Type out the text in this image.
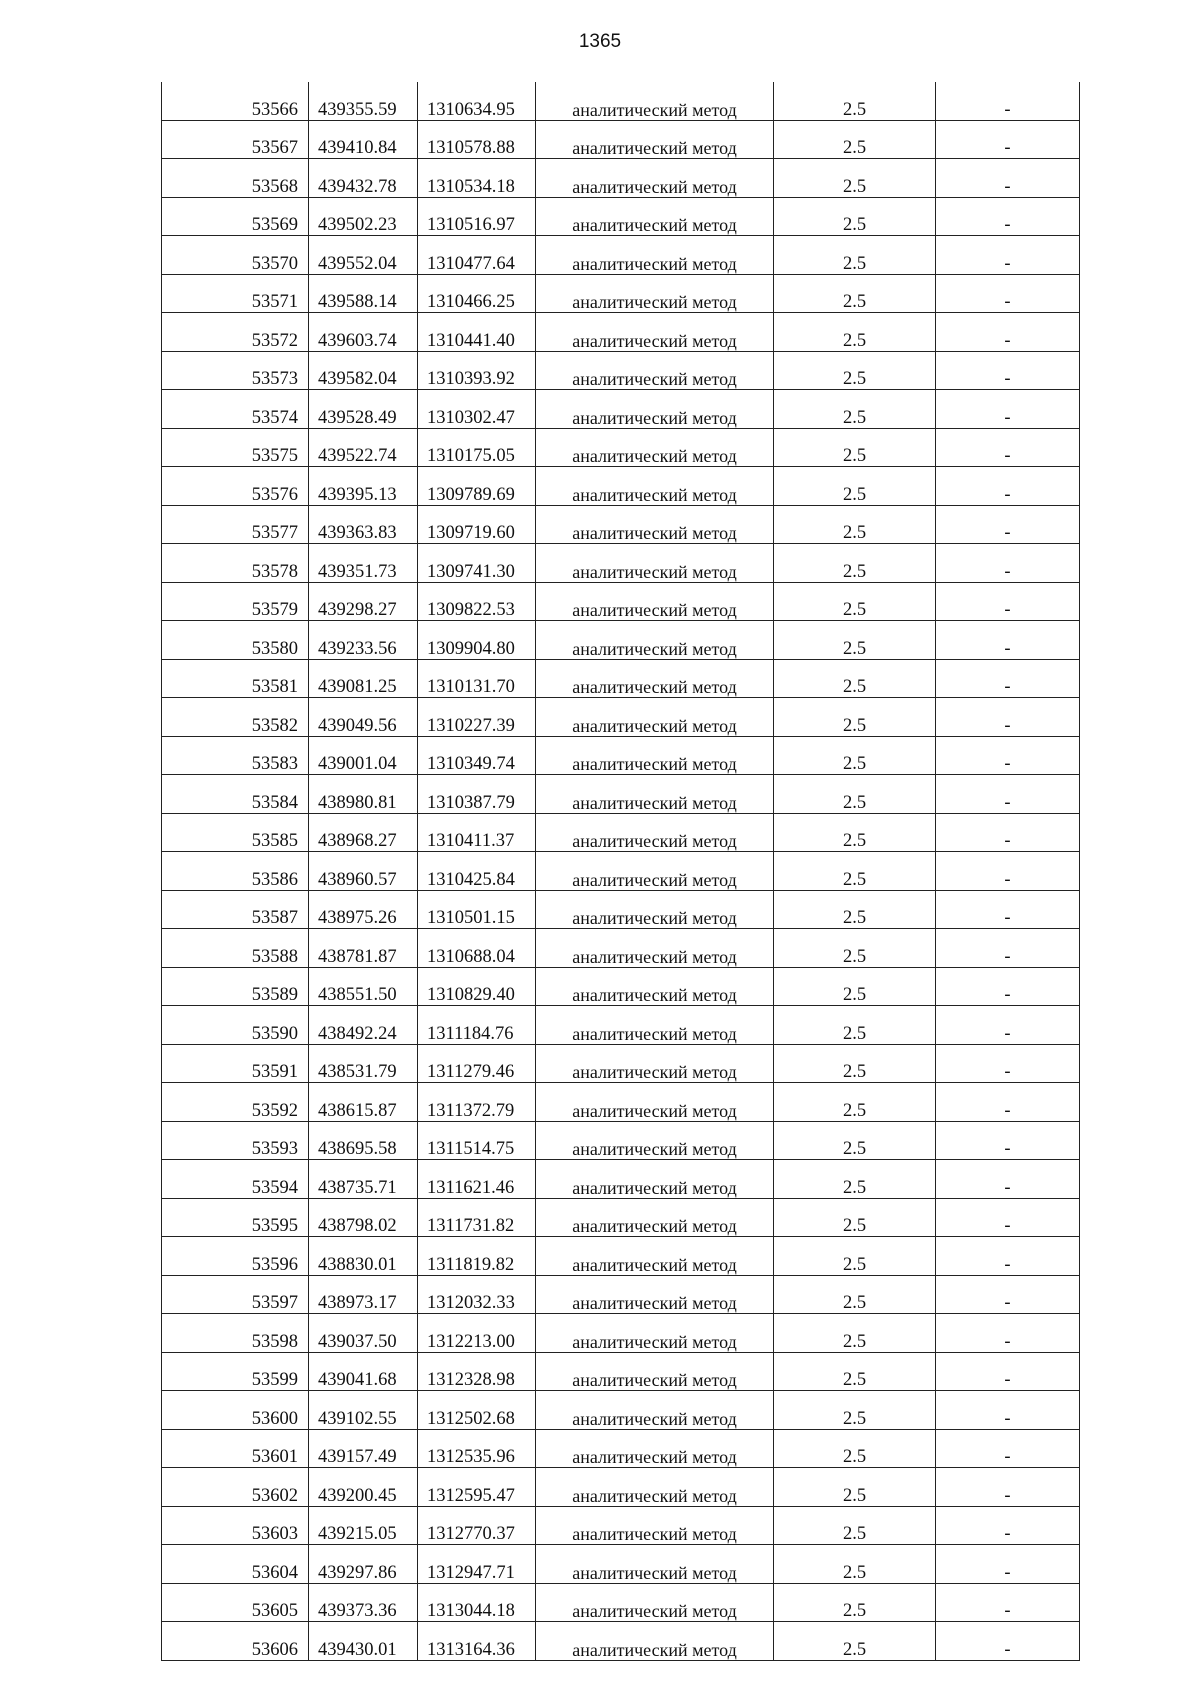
1365
53566	439355.59	1310634.95	аналитический метод	2.5	-
53567	439410.84	1310578.88	аналитический метод	2.5	-
53568	439432.78	1310534.18	аналитический метод	2.5	-
53569	439502.23	1310516.97	аналитический метод	2.5	-
53570	439552.04	1310477.64	аналитический метод	2.5	-
53571	439588.14	1310466.25	аналитический метод	2.5	-
53572	439603.74	1310441.40	аналитический метод	2.5	-
53573	439582.04	1310393.92	аналитический метод	2.5	-
53574	439528.49	1310302.47	аналитический метод	2.5	-
53575	439522.74	1310175.05	аналитический метод	2.5	-
53576	439395.13	1309789.69	аналитический метод	2.5	-
53577	439363.83	1309719.60	аналитический метод	2.5	-
53578	439351.73	1309741.30	аналитический метод	2.5	-
53579	439298.27	1309822.53	аналитический метод	2.5	-
53580	439233.56	1309904.80	аналитический метод	2.5	-
53581	439081.25	1310131.70	аналитический метод	2.5	-
53582	439049.56	1310227.39	аналитический метод	2.5	-
53583	439001.04	1310349.74	аналитический метод	2.5	-
53584	438980.81	1310387.79	аналитический метод	2.5	-
53585	438968.27	1310411.37	аналитический метод	2.5	-
53586	438960.57	1310425.84	аналитический метод	2.5	-
53587	438975.26	1310501.15	аналитический метод	2.5	-
53588	438781.87	1310688.04	аналитический метод	2.5	-
53589	438551.50	1310829.40	аналитический метод	2.5	-
53590	438492.24	1311184.76	аналитический метод	2.5	-
53591	438531.79	1311279.46	аналитический метод	2.5	-
53592	438615.87	1311372.79	аналитический метод	2.5	-
53593	438695.58	1311514.75	аналитический метод	2.5	-
53594	438735.71	1311621.46	аналитический метод	2.5	-
53595	438798.02	1311731.82	аналитический метод	2.5	-
53596	438830.01	1311819.82	аналитический метод	2.5	-
53597	438973.17	1312032.33	аналитический метод	2.5	-
53598	439037.50	1312213.00	аналитический метод	2.5	-
53599	439041.68	1312328.98	аналитический метод	2.5	-
53600	439102.55	1312502.68	аналитический метод	2.5	-
53601	439157.49	1312535.96	аналитический метод	2.5	-
53602	439200.45	1312595.47	аналитический метод	2.5	-
53603	439215.05	1312770.37	аналитический метод	2.5	-
53604	439297.86	1312947.71	аналитический метод	2.5	-
53605	439373.36	1313044.18	аналитический метод	2.5	-
53606	439430.01	1313164.36	аналитический метод	2.5	-
